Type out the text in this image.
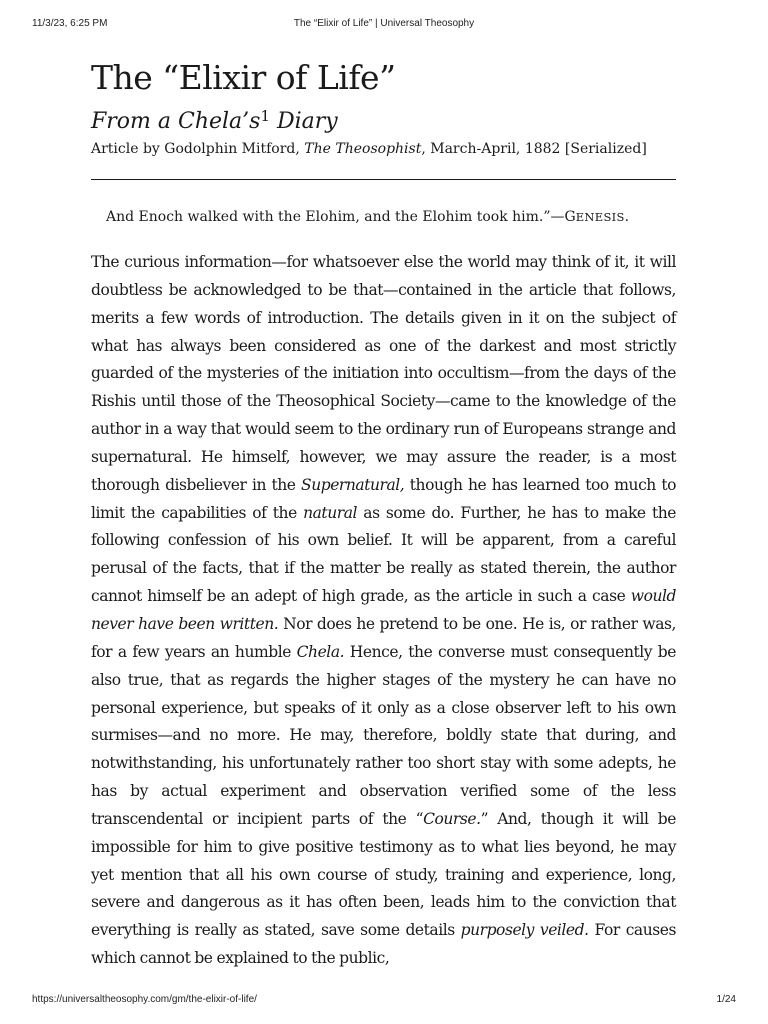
11/3/23, 6:25 PM	The “Elixir of Life” | Universal Theosophy
The “Elixir of Life”
From a $Chela’s^1$ Diary
Article by Godolphin Mitford, The Theosophist, March-April, 1882 [Serialized]
And Enoch walked with the Elohim, and the Elohim took him.”—GENESIS.

The curious information—for whatsoever else the world may think of it, it will doubtless be acknowledged to be that—contained in the article that follows, merits a few words of introduction. The details given in it on the subject of what has always been considered as one of the darkest and most strictly guarded of the mysteries of the initiation into occultism—from the days of the Rishis until those of the Theosophical Society—came to the knowledge of the author in a way that would seem to the ordinary run of Europeans strange and supernatural. He himself, however, we may assure the reader, is a most thorough disbeliever in the Supernatural, though he has learned too much to limit the capabilities of the natural as some do. Further, he has to make the following confession of his own belief. It will be apparent, from a careful perusal of the facts, that if the matter be really as stated therein, the author cannot himself be an adept of high grade, as the article in such a case would never have been written. Nor does he pretend to be one. He is, or rather was, for a few years an humble Chela. Hence, the converse must consequently be also true, that as regards the higher stages of the mystery he can have no personal experience, but speaks of it only as a close observer left to his own surmises—and no more. He may, therefore, boldly state that during, and notwithstanding, his unfortunately rather too short stay with some adepts, he has by actual experiment and observation verified some of the less transcendental or incipient parts of the “Course.” And, though it will be impossible for him to give positive testimony as to what lies beyond, he may yet mention that all his own course of study, training and experience, long, severe and dangerous as it has often been, leads him to the conviction that everything is really as stated, save some details purposely veiled. For causes which cannot be explained to the public,

https://universaltheosophy.com/gm/the-elixir-of-life/	1/24
